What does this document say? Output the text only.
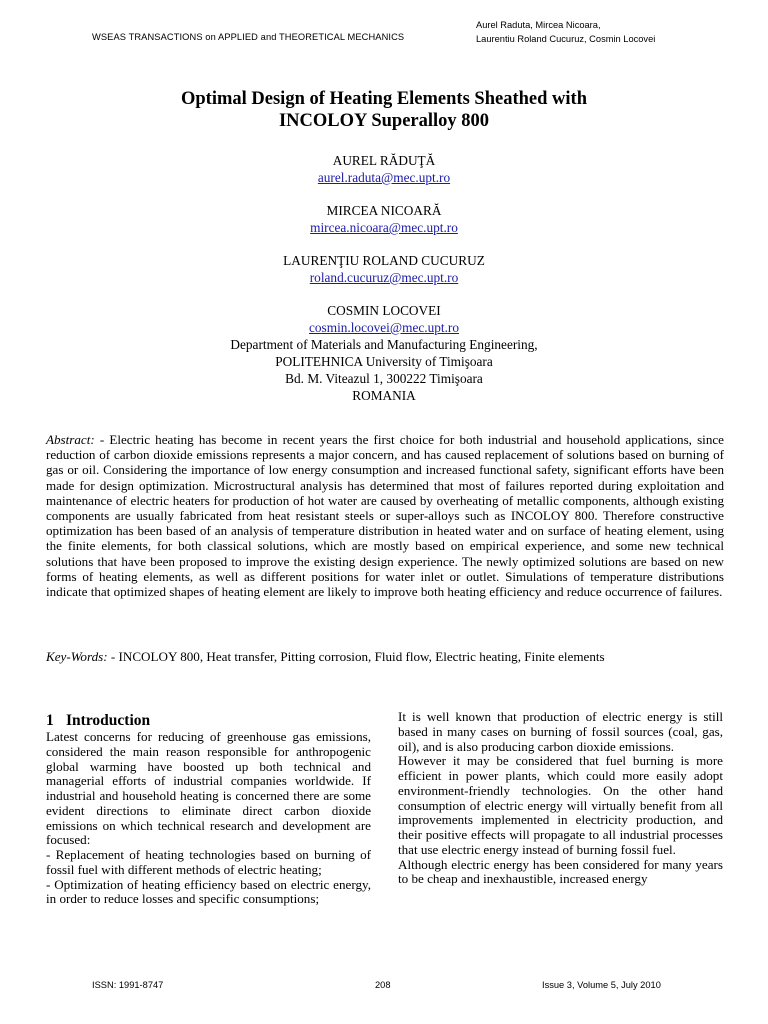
WSEAS TRANSACTIONS on APPLIED and THEORETICAL MECHANICS
Aurel Raduta, Mircea Nicoara,
Laurentiu Roland Cucuruz, Cosmin Locovei
Optimal Design of Heating Elements Sheathed with
INCOLOY Superalloy 800
AUREL RĂDUŢĂ
aurel.raduta@mec.upt.ro
MIRCEA NICOARĂ
mircea.nicoara@mec.upt.ro
LAURENŢIU ROLAND CUCURUZ
roland.cucuruz@mec.upt.ro
COSMIN LOCOVEI
cosmin.locovei@mec.upt.ro
Department of Materials and Manufacturing Engineering,
POLITEHNICA University of Timişoara
Bd. M. Viteazul 1, 300222 Timişoara
ROMANIA
Abstract: - Electric heating has become in recent years the first choice for both industrial and household applications, since reduction of carbon dioxide emissions represents a major concern, and has caused replacement of solutions based on burning of gas or oil. Considering the importance of low energy consumption and increased functional safety, significant efforts have been made for design optimization. Microstructural analysis has determined that most of failures reported during exploitation and maintenance of electric heaters for production of hot water are caused by overheating of metallic components, although existing components are usually fabricated from heat resistant steels or super-alloys such as INCOLOY 800. Therefore constructive optimization has been based of an analysis of temperature distribution in heated water and on surface of heating element, using the finite elements, for both classical solutions, which are mostly based on empirical experience, and some new technical solutions that have been proposed to improve the existing design experience. The newly optimized solutions are based on new forms of heating elements, as well as different positions for water inlet or outlet. Simulations of temperature distributions indicate that optimized shapes of heating element are likely to improve both heating efficiency and reduce occurrence of failures.
Key-Words: - INCOLOY 800, Heat transfer, Pitting corrosion, Fluid flow, Electric heating, Finite elements
1 Introduction

Latest concerns for reducing of greenhouse gas emissions, considered the main reason responsible for anthropogenic global warming have boosted up both technical and managerial efforts of industrial companies worldwide. If industrial and household heating is concerned there are some evident directions to eliminate direct carbon dioxide emissions on which technical research and development are focused:

- Replacement of heating technologies based on burning of fossil fuel with different methods of electric heating;

- Optimization of heating efficiency based on electric energy, in order to reduce losses and specific consumptions;

It is well known that production of electric energy is still based in many cases on burning of fossil sources (coal, gas, oil), and is also producing carbon dioxide emissions.

However it may be considered that fuel burning is more efficient in power plants, which could more easily adopt environment-friendly technologies. On the other hand consumption of electric energy will virtually benefit from all improvements implemented in electricity production, and their positive effects will propagate to all industrial processes that use electric energy instead of burning fossil fuel.

Although electric energy has been considered for many years to be cheap and inexhaustible, increased energy

ISSN: 1991-8747	208	Issue 3, Volume 5, July 2010
